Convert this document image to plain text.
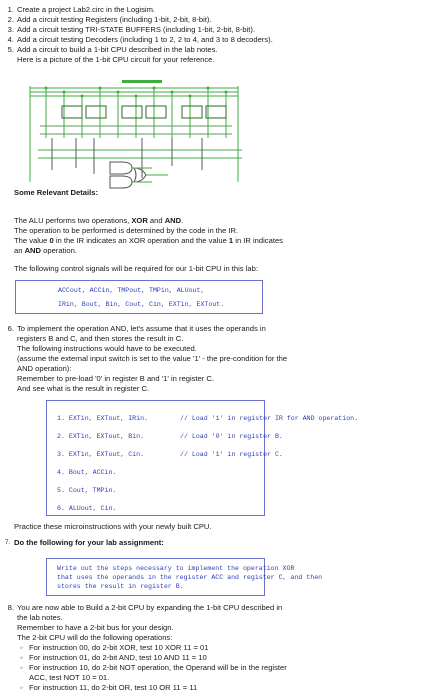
1. Create a project Lab2.circ in the Logisim.
2. Add a circuit testing Registers (including 1-bit, 2-bit, 8-bit).
3. Add a circuit testing TRI-STATE BUFFERS (including 1-bit, 2-bit, 8-bit).
4. Add a circuit testing Decoders (including 1 to 2, 2 to 4, and 3 to 8 decoders).
5. Add a circuit to build a 1-bit CPU described in the lab notes.
Here is a picture of the 1-bit CPU circuit for your reference.
Some Relevant Details:
The ALU performs two operations, XOR and AND.
The operation to be performed is determined by the code in the IR.
The value 0 in the IR indicates an XOR operation and the value 1 in IR indicates
an AND operation.
The following control signals will be required for our 1-bit CPU in this lab:
ACCout, ACCin, TMPout, TMPin, ALUout,
IRin, Bout, Bin, Cout, Cin, EXTin, EXTout.
6. To implement the operation AND, let's assume that it uses the operands in
registers B and C, and then stores the result in C.
The following instructions would have to be executed.
(assume the external input switch is set to the value '1' - the pre-condition for the
AND operation):
Remember to pre-load '0' in register B and '1' in register C.
And see what is the result in register C.
1. EXTin, EXTout, IRin.	// Load '1' in register IR for AND operation.
2. EXTin, EXTout, Bin.	// Load '0' in register B.
3. EXTin, EXTout, Cin.	// Load '1' in register C.
4. Bout, ACCin.
5. Cout, TMPin.
6. ALUout, Cin.
Practice these microinstructions with your newly built CPU.
7. Do the following for your lab assignment:
Write out the steps necessary to implement the operation XOR
that uses the operands in the register ACC and register C, and then
stores the result in register B.
8. You are now able to Build a 2-bit CPU by expanding the 1-bit CPU described in
the lab notes.
Remember to have a 2-bit bus for your design.
The 2-bit CPU will do the following operations:
◦ For instruction 00, do 2-bit XOR, test 10 XOR 11 = 01
◦ For instruction 01, do 2-bit AND, test 10 AND 11 = 10
◦ For instruction 10, do 2-bit NOT operation, the Operand will be in the register
ACC, test NOT 10 = 01.
◦ For instruction 11, do 2-bit OR, test 10 OR 11 = 11
